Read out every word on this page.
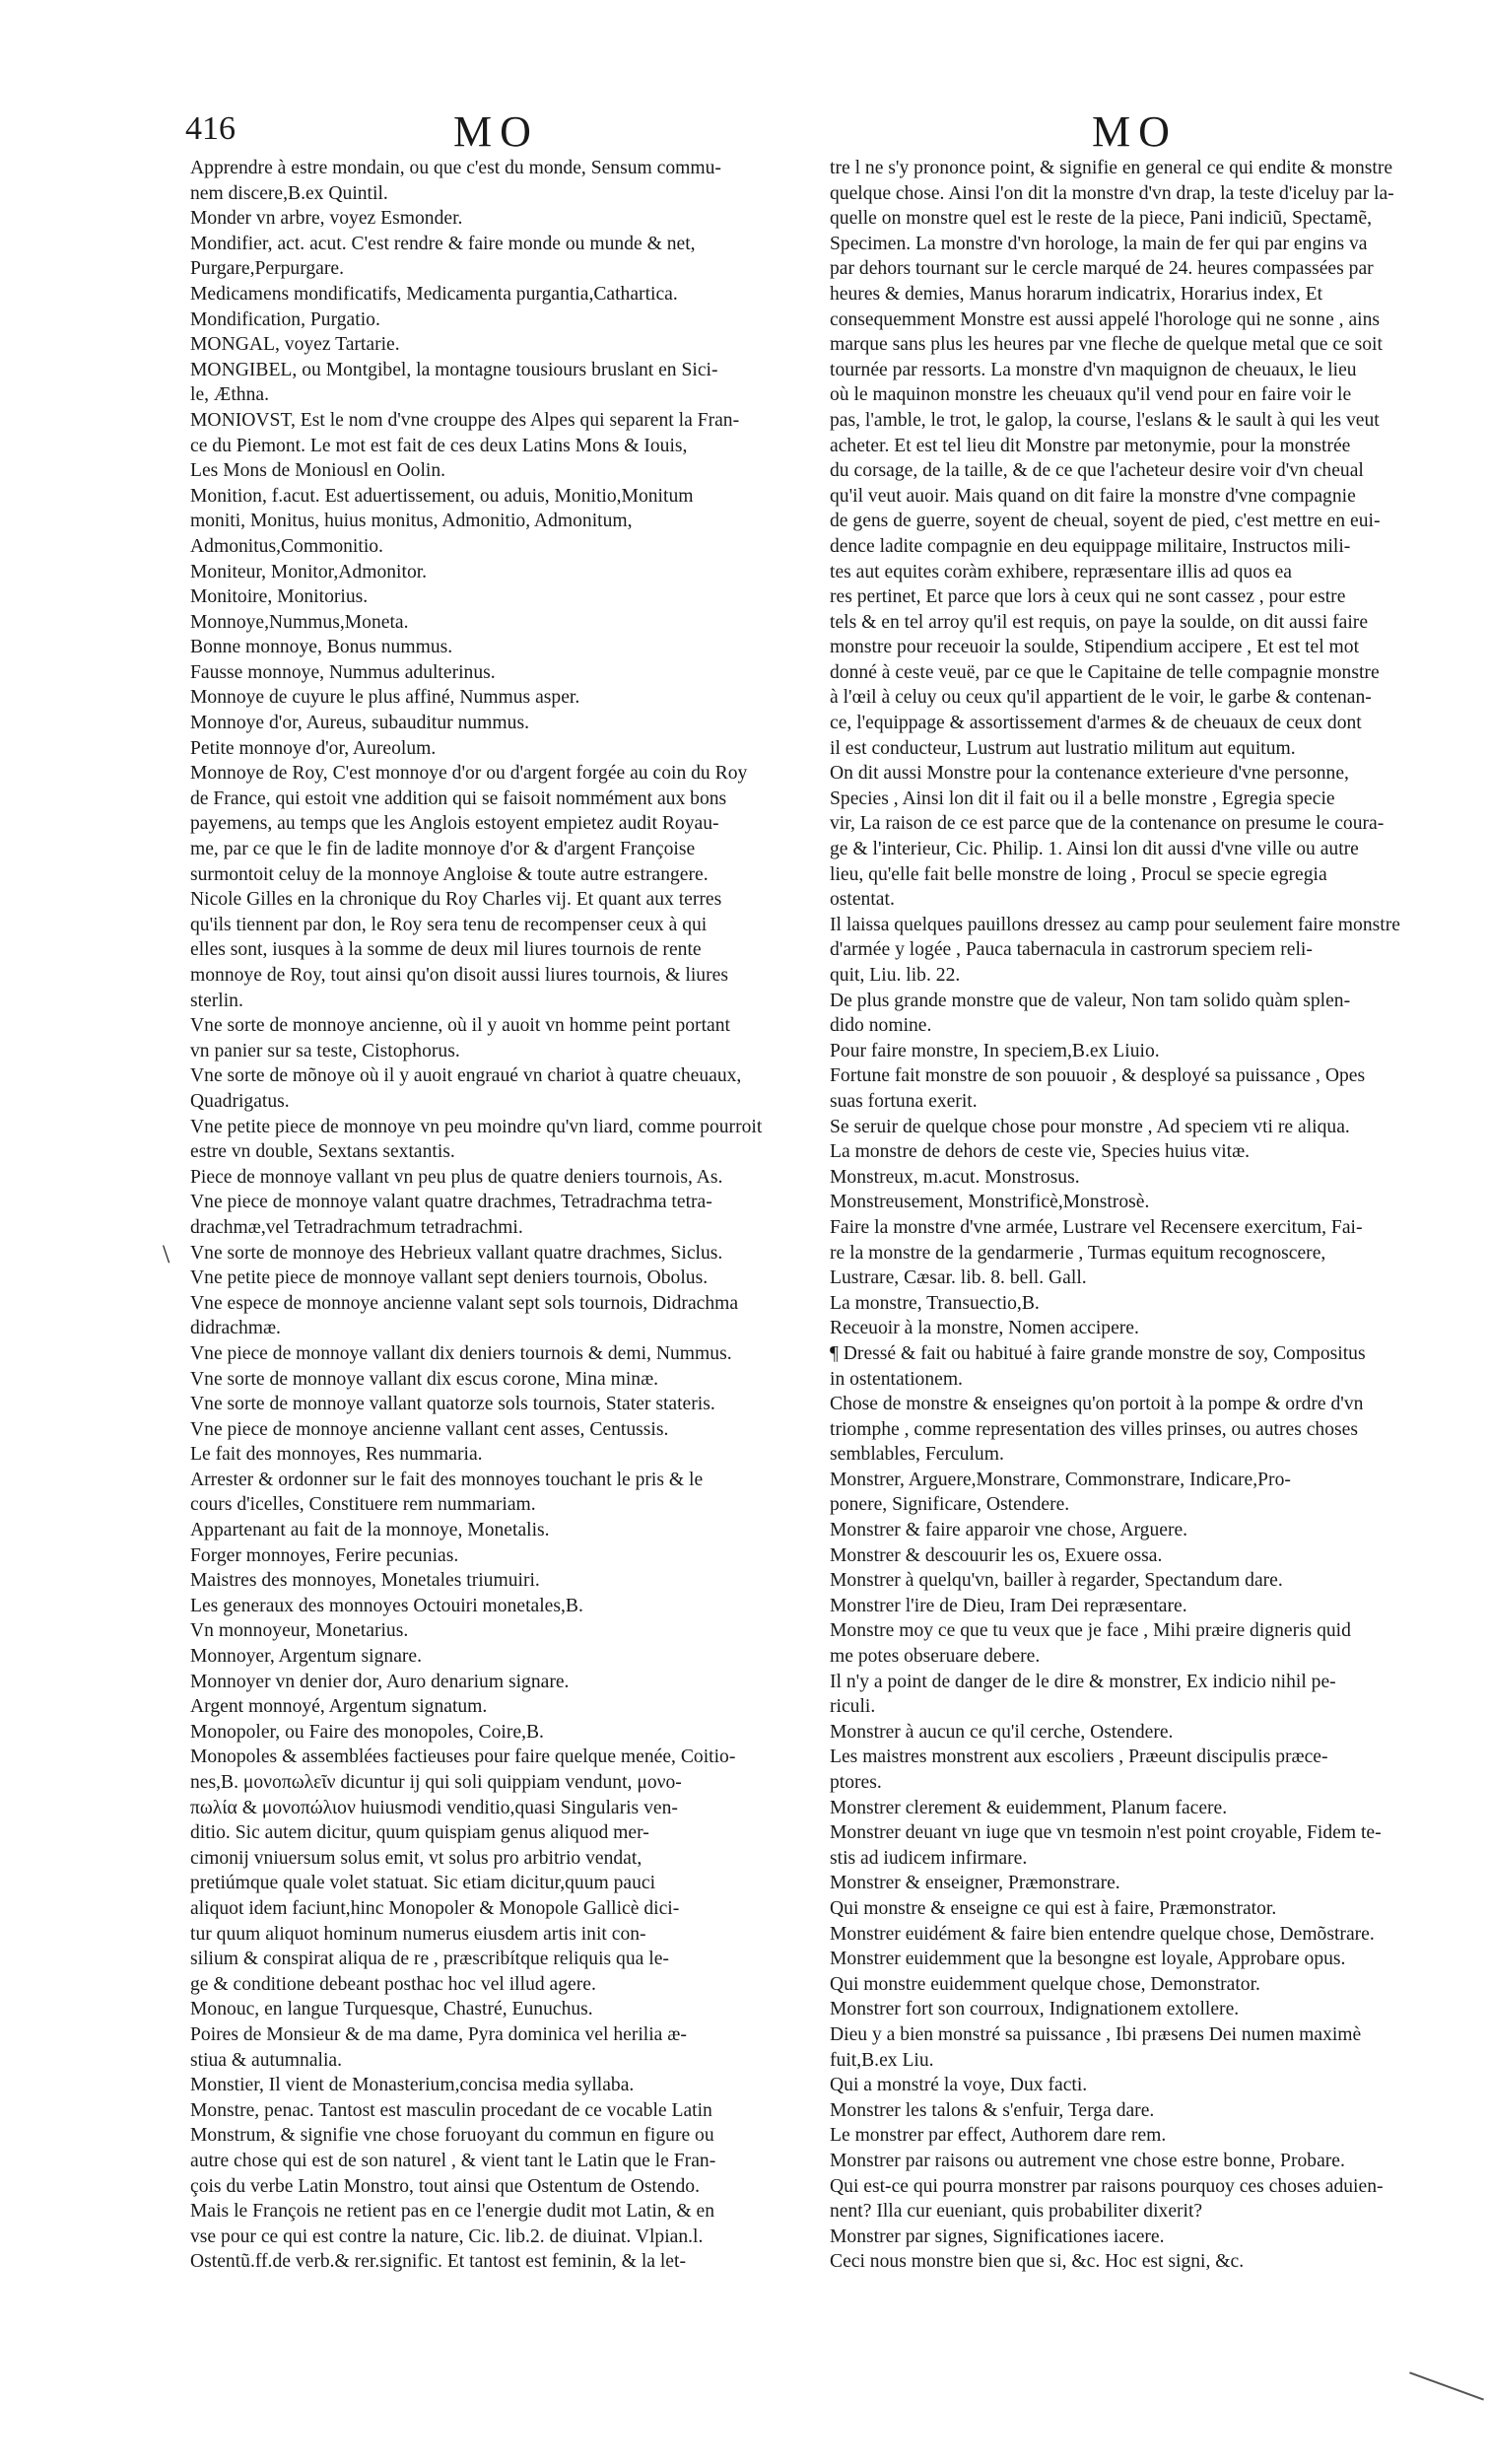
416	MO	MO
\

Apprendre à estre mondain, ou que c'est du monde, Sensum commu-

nem discere,B.ex Quintil.

Monder vn arbre, voyez Esmonder.

Mondifier, act. acut. C'est rendre & faire monde ou munde & net,

Purgare,Perpurgare.

Medicamens mondificatifs, Medicamenta purgantia,Cathartica.

Mondification, Purgatio.

MONGAL, voyez Tartarie.

MONGIBEL, ou Montgibel, la montagne tousiours bruslant en Sici-

le, Æthna.

MONIOVST, Est le nom d'vne crouppe des Alpes qui separent la Fran-

ce du Piemont. Le mot est fait de ces deux Latins Mons & Iouis,

Les Mons de Moniousl en Oolin.

Monition, f.acut. Est aduertissement, ou aduis, Monitio,Monitum

moniti, Monitus, huius monitus, Admonitio, Admonitum,

Admonitus,Commonitio.

Moniteur, Monitor,Admonitor.

Monitoire, Monitorius.

Monnoye,Nummus,Moneta.

Bonne monnoye, Bonus nummus.

Fausse monnoye, Nummus adulterinus.

Monnoye de cuyure le plus affiné, Nummus asper.

Monnoye d'or, Aureus, subauditur nummus.

Petite monnoye d'or, Aureolum.

Monnoye de Roy, C'est monnoye d'or ou d'argent forgée au coin du Roy

de France, qui estoit vne addition qui se faisoit nommément aux bons

payemens, au temps que les Anglois estoyent empietez audit Royau-

me, par ce que le fin de ladite monnoye d'or & d'argent Françoise

surmontoit celuy de la monnoye Angloise & toute autre estrangere.

Nicole Gilles en la chronique du Roy Charles vij. Et quant aux terres

qu'ils tiennent par don, le Roy sera tenu de recompenser ceux à qui

elles sont, iusques à la somme de deux mil liures tournois de rente

monnoye de Roy, tout ainsi qu'on disoit aussi liures tournois, & liures

sterlin.

Vne sorte de monnoye ancienne, où il y auoit vn homme peint portant

vn panier sur sa teste, Cistophorus.

Vne sorte de mõnoye où il y auoit engraué vn chariot à quatre cheuaux,

Quadrigatus.

Vne petite piece de monnoye vn peu moindre qu'vn liard, comme pourroit

estre vn double, Sextans sextantis.

Piece de monnoye vallant vn peu plus de quatre deniers tournois, As.

Vne piece de monnoye valant quatre drachmes, Tetradrachma tetra-

drachmæ,vel Tetradrachmum tetradrachmi.

Vne sorte de monnoye des Hebrieux vallant quatre drachmes, Siclus.

Vne petite piece de monnoye vallant sept deniers tournois, Obolus.

Vne espece de monnoye ancienne valant sept sols tournois, Didrachma

didrachmæ.

Vne piece de monnoye vallant dix deniers tournois & demi, Nummus.

Vne sorte de monnoye vallant dix escus corone, Mina minæ.

Vne sorte de monnoye vallant quatorze sols tournois, Stater stateris.

Vne piece de monnoye ancienne vallant cent asses, Centussis.

Le fait des monnoyes, Res nummaria.

Arrester & ordonner sur le fait des monnoyes touchant le pris & le

cours d'icelles, Constituere rem nummariam.

Appartenant au fait de la monnoye, Monetalis.

Forger monnoyes, Ferire pecunias.

Maistres des monnoyes, Monetales triumuiri.

Les generaux des monnoyes Octouiri monetales,B.

Vn monnoyeur, Monetarius.

Monnoyer, Argentum signare.

Monnoyer vn denier dor, Auro denarium signare.

Argent monnoyé, Argentum signatum.

Monopoler, ou Faire des monopoles, Coire,B.

Monopoles & assemblées factieuses pour faire quelque menée, Coitio-

nes,B. μονοπωλεῖν dicuntur ij qui soli quippiam vendunt, μονο-

πωλία & μονοπώλιον huiusmodi venditio,quasi Singularis ven-

ditio. Sic autem dicitur, quum quispiam genus aliquod mer-

cimonij vniuersum solus emit, vt solus pro arbitrio vendat,

pretiúmque quale volet statuat. Sic etiam dicitur,quum pauci

aliquot idem faciunt,hinc Monopoler & Monopole Gallicè dici-

tur quum aliquot hominum numerus eiusdem artis init con-

silium & conspirat aliqua de re , præscribítque reliquis qua le-

ge & conditione debeant posthac hoc vel illud agere.

Monouc, en langue Turquesque, Chastré, Eunuchus.

Poires de Monsieur & de ma dame, Pyra dominica vel herilia æ-

stiua & autumnalia.

Monstier, Il vient de Monasterium,concisa media syllaba.

Monstre, penac. Tantost est masculin procedant de ce vocable Latin

Monstrum, & signifie vne chose foruoyant du commun en figure ou

autre chose qui est de son naturel , & vient tant le Latin que le Fran-

çois du verbe Latin Monstro, tout ainsi que Ostentum de Ostendo.

Mais le François ne retient pas en ce l'energie dudit mot Latin, & en

vse pour ce qui est contre la nature, Cic. lib.2. de diuinat. Vlpian.l.

Ostentũ.ff.de verb.& rer.signific. Et tantost est feminin, & la let-

tre l ne s'y prononce point, & signifie en general ce qui endite & monstre

quelque chose. Ainsi l'on dit la monstre d'vn drap, la teste d'iceluy par la-

quelle on monstre quel est le reste de la piece, Pani indiciũ, Spectamẽ,

Specimen. La monstre d'vn horologe, la main de fer qui par engins va

par dehors tournant sur le cercle marqué de 24. heures compassées par

heures & demies, Manus horarum indicatrix, Horarius index, Et

consequemment Monstre est aussi appelé l'horologe qui ne sonne , ains

marque sans plus les heures par vne fleche de quelque metal que ce soit

tournée par ressorts. La monstre d'vn maquignon de cheuaux, le lieu

où le maquinon monstre les cheuaux qu'il vend pour en faire voir le

pas, l'amble, le trot, le galop, la course, l'eslans & le sault à qui les veut

acheter. Et est tel lieu dit Monstre par metonymie, pour la monstrée

du corsage, de la taille, & de ce que l'acheteur desire voir d'vn cheual

qu'il veut auoir. Mais quand on dit faire la monstre d'vne compagnie

de gens de guerre, soyent de cheual, soyent de pied, c'est mettre en eui-

dence ladite compagnie en deu equippage militaire, Instructos mili-

tes aut equites coràm exhibere, repræsentare illis ad quos ea

res pertinet, Et parce que lors à ceux qui ne sont cassez , pour estre

tels & en tel arroy qu'il est requis, on paye la soulde, on dit aussi faire

monstre pour receuoir la soulde, Stipendium accipere , Et est tel mot

donné à ceste veuë, par ce que le Capitaine de telle compagnie monstre

à l'œil à celuy ou ceux qu'il appartient de le voir, le garbe & contenan-

ce, l'equippage & assortissement d'armes & de cheuaux de ceux dont

il est conducteur, Lustrum aut lustratio militum aut equitum.

On dit aussi Monstre pour la contenance exterieure d'vne personne,

Species , Ainsi lon dit il fait ou il a belle monstre , Egregia specie

vir, La raison de ce est parce que de la contenance on presume le coura-

ge & l'interieur, Cic. Philip. 1. Ainsi lon dit aussi d'vne ville ou autre

lieu, qu'elle fait belle monstre de loing , Procul se specie egregia

ostentat.

Il laissa quelques pauillons dressez au camp pour seulement faire monstre

d'armée y logée , Pauca tabernacula in castrorum speciem reli-

quit, Liu. lib. 22.

De plus grande monstre que de valeur, Non tam solido quàm splen-

dido nomine.

Pour faire monstre, In speciem,B.ex Liuio.

Fortune fait monstre de son pouuoir , & desployé sa puissance , Opes

suas fortuna exerit.

Se seruir de quelque chose pour monstre , Ad speciem vti re aliqua.

La monstre de dehors de ceste vie, Species huius vitæ.

Monstreux, m.acut. Monstrosus.

Monstreusement, Monstrificè,Monstrosè.

Faire la monstre d'vne armée, Lustrare vel Recensere exercitum, Fai-

re la monstre de la gendarmerie , Turmas equitum recognoscere,

Lustrare, Cæsar. lib. 8. bell. Gall.

La monstre, Transuectio,B.

Receuoir à la monstre, Nomen accipere.

¶ Dressé & fait ou habitué à faire grande monstre de soy, Compositus

in ostentationem.

Chose de monstre & enseignes qu'on portoit à la pompe & ordre d'vn

triomphe , comme representation des villes prinses, ou autres choses

semblables, Ferculum.

Monstrer, Arguere,Monstrare, Commonstrare, Indicare,Pro-

ponere, Significare, Ostendere.

Monstrer & faire apparoir vne chose, Arguere.

Monstrer & descouurir les os, Exuere ossa.

Monstrer à quelqu'vn, bailler à regarder, Spectandum dare.

Monstrer l'ire de Dieu, Iram Dei repræsentare.

Monstre moy ce que tu veux que je face , Mihi præire digneris quid

me potes obseruare debere.

Il n'y a point de danger de le dire & monstrer, Ex indicio nihil pe-

riculi.

Monstrer à aucun ce qu'il cerche, Ostendere.

Les maistres monstrent aux escoliers , Præeunt discipulis præce-

ptores.

Monstrer clerement & euidemment, Planum facere.

Monstrer deuant vn iuge que vn tesmoin n'est point croyable, Fidem te-

stis ad iudicem infirmare.

Monstrer & enseigner, Præmonstrare.

Qui monstre & enseigne ce qui est à faire, Præmonstrator.

Monstrer euidément & faire bien entendre quelque chose, Demõstrare.

Monstrer euidemment que la besongne est loyale, Approbare opus.

Qui monstre euidemment quelque chose, Demonstrator.

Monstrer fort son courroux, Indignationem extollere.

Dieu y a bien monstré sa puissance , Ibi præsens Dei numen maximè

fuit,B.ex Liu.

Qui a monstré la voye, Dux facti.

Monstrer les talons & s'enfuir, Terga dare.

Le monstrer par effect, Authorem dare rem.

Monstrer par raisons ou autrement vne chose estre bonne, Probare.

Qui est-ce qui pourra monstrer par raisons pourquoy ces choses aduien-

nent? Illa cur eueniant, quis probabiliter dixerit?

Monstrer par signes, Significationes iacere.

Ceci nous monstre bien que si, &c. Hoc est signi, &c.
